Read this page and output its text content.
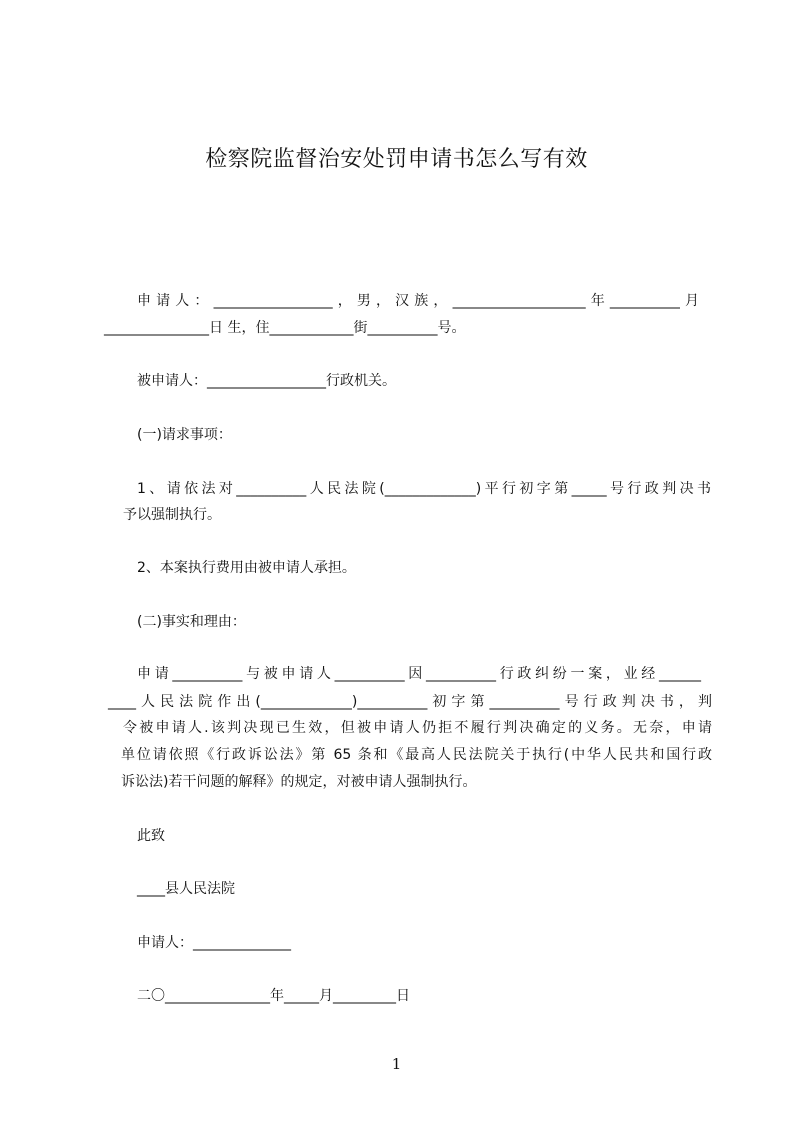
检察院监督治安处罚申请书怎么写有效
申请人：_________________，男，汉族，___________________年__________月
_______________日 生，住____________街__________号。
被申请人：_________________行政机关。
(一)请求事项：
1、请依法对__________人民法院(_____________)平行初字第_____号行政判决书
予以强制执行。
2、本案执行费用由被申请人承担。
(二)事实和理由：
申请__________与被申请人__________因__________行政纠纷一案，业经______
____人民法院作出(_____________)__________初字第__________号行政判决书，判
令被申请人.该判决现已生效，但被申请人仍拒不履行判决确定的义务。无奈，申请
单位请依照《行政诉讼法》第 65 条和《最高人民法院关于执行(中华人民共和国行政
诉讼法)若干问题的解释》的规定，对被申请人强制执行。
此致
____县人民法院
申请人：______________
二〇_______________年_____月_________日
1
